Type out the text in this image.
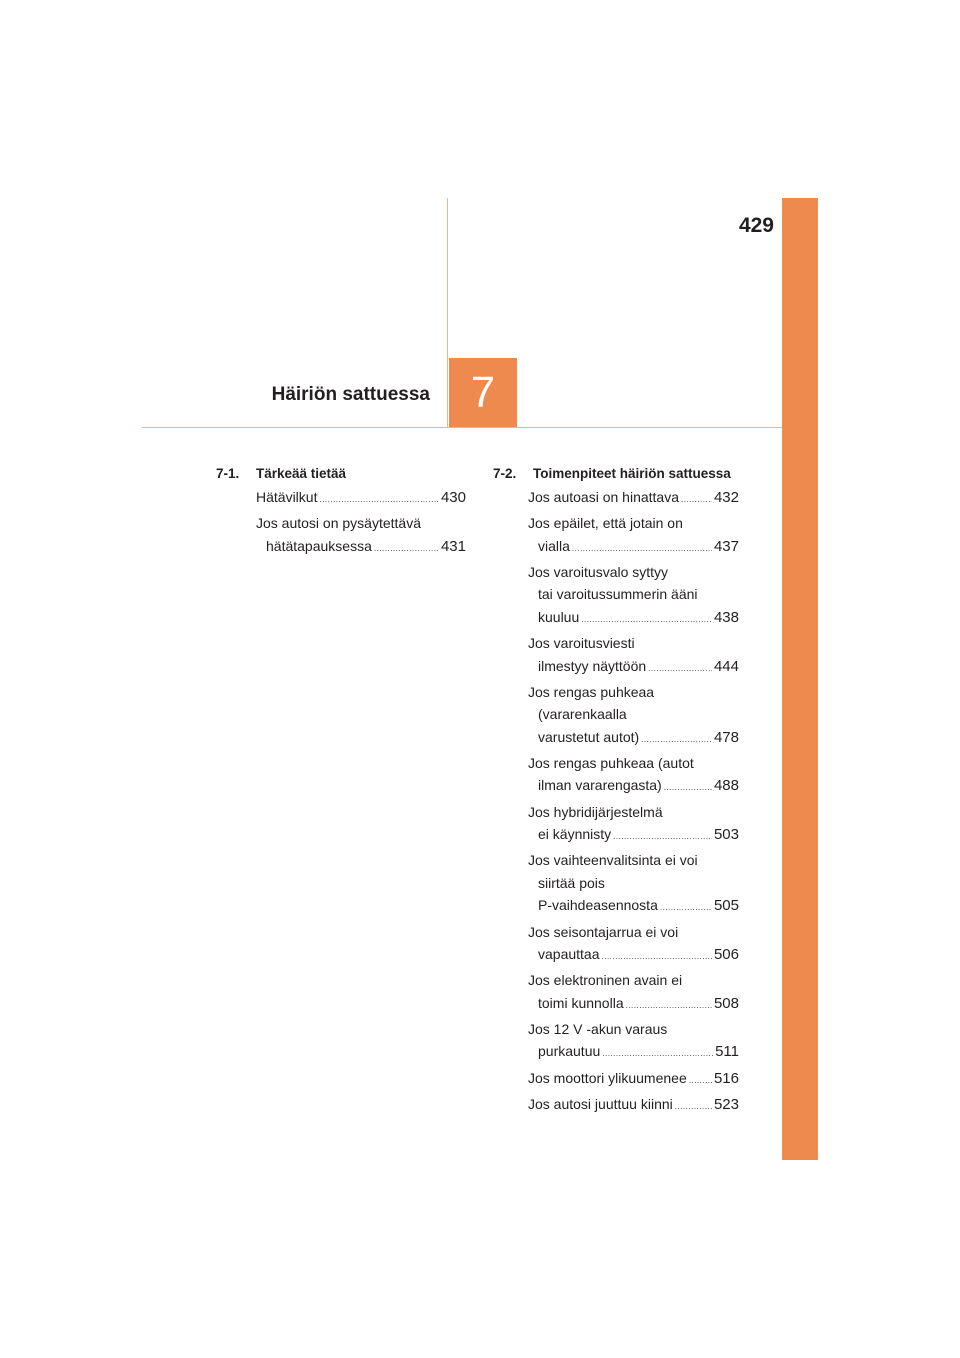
429
Häiriön sattuessa 7
7-1.	Tärkeää tietää
Hätävilkut .....	430
Jos autosi on pysäytettävä
hätätapauksessa .....	431
7-2.	Toimenpiteet häiriön sattuessa
Jos autoasi on hinattava ..... 432
Jos epäilet, että jotain on
vialla .....	437
Jos varoitusvalo syttyy
tai varoitussummerin ääni
kuuluu .....	438
Jos varoitusviesti
ilmestyy näyttöön .....	444
Jos rengas puhkeaa
(vararenkaalla
varustetut autot) .....	478
Jos rengas puhkeaa (autot
ilman vararengasta) .....	488
Jos hybridijärjestelmä
ei käynnisty .....	503
Jos vaihteenvalitsinta ei voi
siirtää pois
P-vaihdeasennosta .....	505
Jos seisontajarrua ei voi
vapauttaa .....	506
Jos elektroninen avain ei
toimi kunnolla .....	508
Jos 12 V -akun varaus
purkautuu .....	511
Jos moottori ylikuumenee ..... 516
Jos autosi juuttuu kiinni .....	523
